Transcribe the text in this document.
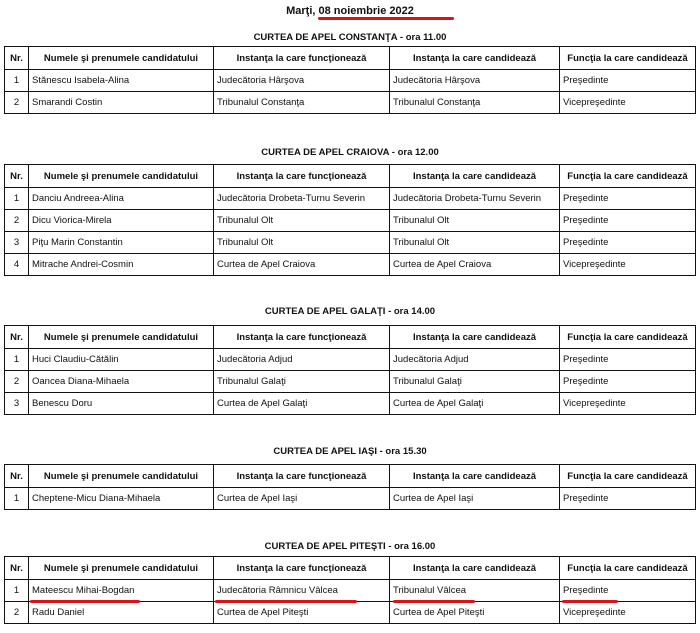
Marţi, 08 noiembrie 2022
CURTEA DE APEL CONSTANŢA - ora 11.00
Nr.	Numele şi prenumele candidatului	Instanţa la care funcţionează	Instanţa la care candidează	Funcţia la care candidează
1	Stănescu Isabela-Alina	Judecătoria Hârşova	Judecătoria Hârşova	Preşedinte
2	Smarandi Costin	Tribunalul Constanţa	Tribunalul Constanţa	Vicepreşedinte
CURTEA DE APEL CRAIOVA - ora 12.00
Nr.	Numele şi prenumele candidatului	Instanţa la care funcţionează	Instanţa la care candidează	Funcţia la care candidează
1	Danciu Andreea-Alina	Judecătoria Drobeta-Turnu Severin	Judecătoria Drobeta-Turnu Severin	Preşedinte
2	Dicu Viorica-Mirela	Tribunalul Olt	Tribunalul Olt	Preşedinte
3	Piţu Marin Constantin	Tribunalul Olt	Tribunalul Olt	Preşedinte
4	Mitrache Andrei-Cosmin	Curtea de Apel Craiova	Curtea de Apel Craiova	Vicepreşedinte
CURTEA DE APEL GALAŢI - ora 14.00
Nr.	Numele şi prenumele candidatului	Instanţa la care funcţionează	Instanţa la care candidează	Funcţia la care candidează
1	Huci Claudiu-Cătălin	Judecătoria Adjud	Judecătoria Adjud	Preşedinte
2	Oancea Diana-Mihaela	Tribunalul Galaţi	Tribunalul Galaţi	Preşedinte
3	Benescu Doru	Curtea de Apel Galaţi	Curtea de Apel Galaţi	Vicepreşedinte
CURTEA DE APEL IAŞI - ora 15.30
Nr.	Numele şi prenumele candidatului	Instanţa la care funcţionează	Instanţa la care candidează	Funcţia la care candidează
1	Cheptene-Micu Diana-Mihaela	Curtea de Apel Iaşi	Curtea de Apel Iaşi	Preşedinte
CURTEA DE APEL PITEŞTI - ora 16.00
Nr.	Numele şi prenumele candidatului	Instanţa la care funcţionează	Instanţa la care candidează	Funcţia la care candidează
1	Mateescu Mihai-Bogdan	Judecătoria Râmnicu Vâlcea	Tribunalul Vâlcea	Preşedinte
2	Radu Daniel	Curtea de Apel Piteşti	Curtea de Apel Piteşti	Vicepreşedinte
